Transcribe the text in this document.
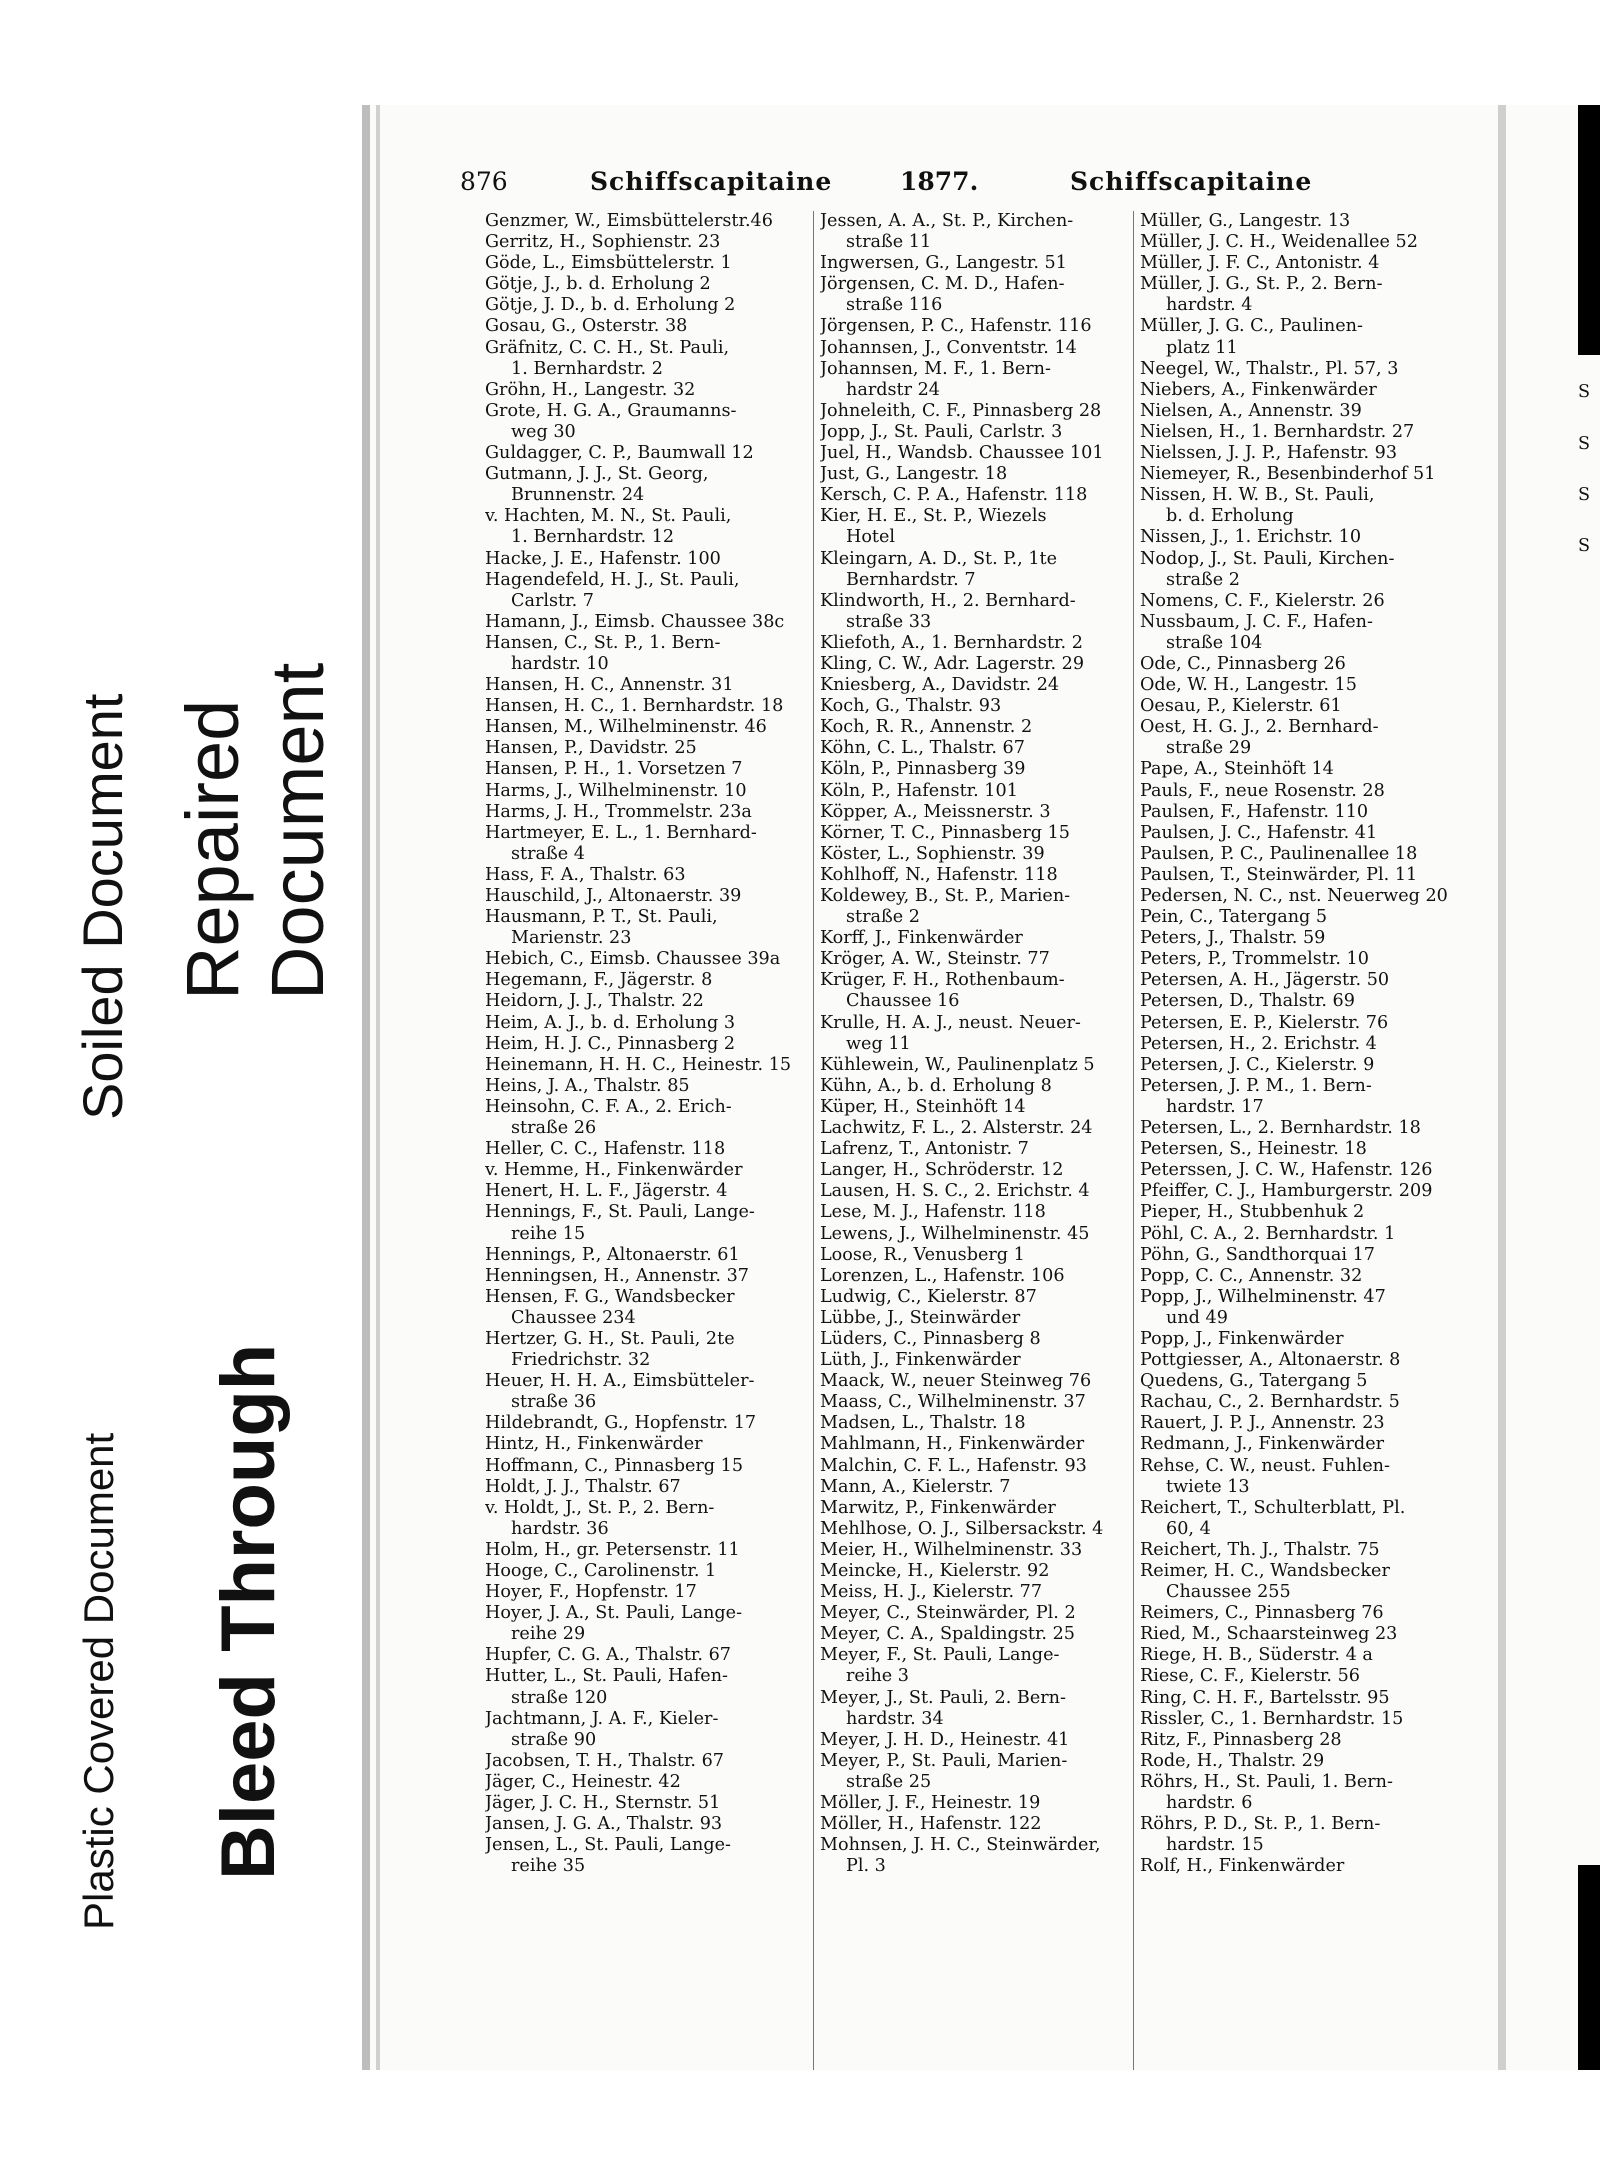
Soiled Document Repaired Document
Plastic Covered Document Bleed Through
876	Schiffscapitaine	1877.	Schiffscapitaine
Genzmer, W., Eimsbüttelerstr.46
Gerritz, H., Sophienstr. 23
Göde, L., Eimsbüttelerstr. 1
Götje, J., b. d. Erholung 2
Götje, J. D., b. d. Erholung 2
Gosau, G., Osterstr. 38
Gräfnitz, C. C. H., St. Pauli,
1. Bernhardstr. 2
Gröhn, H., Langestr. 32
Grote, H. G. A., Graumanns-
weg 30
Guldagger, C. P., Baumwall 12
Gutmann, J. J., St. Georg,
Brunnenstr. 24
v. Hachten, M. N., St. Pauli,
1. Bernhardstr. 12
Hacke, J. E., Hafenstr. 100
Hagendefeld, H. J., St. Pauli,
Carlstr. 7
Hamann, J., Eimsb. Chaussee 38c
Hansen, C., St. P., 1. Bern-
hardstr. 10
Hansen, H. C., Annenstr. 31
Hansen, H. C., 1. Bernhardstr. 18
Hansen, M., Wilhelminenstr. 46
Hansen, P., Davidstr. 25
Hansen, P. H., 1. Vorsetzen 7
Harms, J., Wilhelminenstr. 10
Harms, J. H., Trommelstr. 23a
Hartmeyer, E. L., 1. Bernhard-
straße 4
Hass, F. A., Thalstr. 63
Hauschild, J., Altonaerstr. 39
Hausmann, P. T., St. Pauli,
Marienstr. 23
Hebich, C., Eimsb. Chaussee 39a
Hegemann, F., Jägerstr. 8
Heidorn, J. J., Thalstr. 22
Heim, A. J., b. d. Erholung 3
Heim, H. J. C., Pinnasberg 2
Heinemann, H. H. C., Heinestr. 15
Heins, J. A., Thalstr. 85
Heinsohn, C. F. A., 2. Erich-
straße 26
Heller, C. C., Hafenstr. 118
v. Hemme, H., Finkenwärder
Henert, H. L. F., Jägerstr. 4
Hennings, F., St. Pauli, Lange-
reihe 15
Hennings, P., Altonaerstr. 61
Henningsen, H., Annenstr. 37
Hensen, F. G., Wandsbecker
Chaussee 234
Hertzer, G. H., St. Pauli, 2te
Friedrichstr. 32
Heuer, H. H. A., Eimsbütteler-
straße 36
Hildebrandt, G., Hopfenstr. 17
Hintz, H., Finkenwärder
Hoffmann, C., Pinnasberg 15
Holdt, J. J., Thalstr. 67
v. Holdt, J., St. P., 2. Bern-
hardstr. 36
Holm, H., gr. Petersenstr. 11
Hooge, C., Carolinenstr. 1
Hoyer, F., Hopfenstr. 17
Hoyer, J. A., St. Pauli, Lange-
reihe 29
Hupfer, C. G. A., Thalstr. 67
Hutter, L., St. Pauli, Hafen-
straße 120
Jachtmann, J. A. F., Kieler-
straße 90
Jacobsen, T. H., Thalstr. 67
Jäger, C., Heinestr. 42
Jäger, J. C. H., Sternstr. 51
Jansen, J. G. A., Thalstr. 93
Jensen, L., St. Pauli, Lange-
reihe 35
Jessen, A. A., St. P., Kirchen-
straße 11
Ingwersen, G., Langestr. 51
Jörgensen, C. M. D., Hafen-
straße 116
Jörgensen, P. C., Hafenstr. 116
Johannsen, J., Conventstr. 14
Johannsen, M. F., 1. Bern-
hardstr 24
Johneleith, C. F., Pinnasberg 28
Jopp, J., St. Pauli, Carlstr. 3
Juel, H., Wandsb. Chaussee 101
Just, G., Langestr. 18
Kersch, C. P. A., Hafenstr. 118
Kier, H. E., St. P., Wiezels
Hotel
Kleingarn, A. D., St. P., 1te
Bernhardstr. 7
Klindworth, H., 2. Bernhard-
straße 33
Kliefoth, A., 1. Bernhardstr. 2
Kling, C. W., Adr. Lagerstr. 29
Kniesberg, A., Davidstr. 24
Koch, G., Thalstr. 93
Koch, R. R., Annenstr. 2
Köhn, C. L., Thalstr. 67
Köln, P., Pinnasberg 39
Köln, P., Hafenstr. 101
Köpper, A., Meissnerstr. 3
Körner, T. C., Pinnasberg 15
Köster, L., Sophienstr. 39
Kohlhoff, N., Hafenstr. 118
Koldewey, B., St. P., Marien-
straße 2
Korff, J., Finkenwärder
Kröger, A. W., Steinstr. 77
Krüger, F. H., Rothenbaum-
Chaussee 16
Krulle, H. A. J., neust. Neuer-
weg 11
Kühlewein, W., Paulinenplatz 5
Kühn, A., b. d. Erholung 8
Küper, H., Steinhöft 14
Lachwitz, F. L., 2. Alsterstr. 24
Lafrenz, T., Antonistr. 7
Langer, H., Schröderstr. 12
Lausen, H. S. C., 2. Erichstr. 4
Lese, M. J., Hafenstr. 118
Lewens, J., Wilhelminenstr. 45
Loose, R., Venusberg 1
Lorenzen, L., Hafenstr. 106
Ludwig, C., Kielerstr. 87
Lübbe, J., Steinwärder
Lüders, C., Pinnasberg 8
Lüth, J., Finkenwärder
Maack, W., neuer Steinweg 76
Maass, C., Wilhelminenstr. 37
Madsen, L., Thalstr. 18
Mahlmann, H., Finkenwärder
Malchin, C. F. L., Hafenstr. 93
Mann, A., Kielerstr. 7
Marwitz, P., Finkenwärder
Mehlhose, O. J., Silbersackstr. 4
Meier, H., Wilhelminenstr. 33
Meincke, H., Kielerstr. 92
Meiss, H. J., Kielerstr. 77
Meyer, C., Steinwärder, Pl. 2
Meyer, C. A., Spaldingstr. 25
Meyer, F., St. Pauli, Lange-
reihe 3
Meyer, J., St. Pauli, 2. Bern-
hardstr. 34
Meyer, J. H. D., Heinestr. 41
Meyer, P., St. Pauli, Marien-
straße 25
Möller, J. F., Heinestr. 19
Möller, H., Hafenstr. 122
Mohnsen, J. H. C., Steinwärder,
Pl. 3
Müller, G., Langestr. 13
Müller, J. C. H., Weidenallee 52
Müller, J. F. C., Antonistr. 4
Müller, J. G., St. P., 2. Bern-
hardstr. 4
Müller, J. G. C., Paulinen-
platz 11
Neegel, W., Thalstr., Pl. 57, 3
Niebers, A., Finkenwärder
Nielsen, A., Annenstr. 39
Nielsen, H., 1. Bernhardstr. 27
Nielssen, J. J. P., Hafenstr. 93
Niemeyer, R., Besenbinderhof 51
Nissen, H. W. B., St. Pauli,
b. d. Erholung
Nissen, J., 1. Erichstr. 10
Nodop, J., St. Pauli, Kirchen-
straße 2
Nomens, C. F., Kielerstr. 26
Nussbaum, J. C. F., Hafen-
straße 104
Ode, C., Pinnasberg 26
Ode, W. H., Langestr. 15
Oesau, P., Kielerstr. 61
Oest, H. G. J., 2. Bernhard-
straße 29
Pape, A., Steinhöft 14
Pauls, F., neue Rosenstr. 28
Paulsen, F., Hafenstr. 110
Paulsen, J. C., Hafenstr. 41
Paulsen, P. C., Paulinenallee 18
Paulsen, T., Steinwärder, Pl. 11
Pedersen, N. C., nst. Neuerweg 20
Pein, C., Tatergang 5
Peters, J., Thalstr. 59
Peters, P., Trommelstr. 10
Petersen, A. H., Jägerstr. 50
Petersen, D., Thalstr. 69
Petersen, E. P., Kielerstr. 76
Petersen, H., 2. Erichstr. 4
Petersen, J. C., Kielerstr. 9
Petersen, J. P. M., 1. Bern-
hardstr. 17
Petersen, L., 2. Bernhardstr. 18
Petersen, S., Heinestr. 18
Peterssen, J. C. W., Hafenstr. 126
Pfeiffer, C. J., Hamburgerstr. 209
Pieper, H., Stubbenhuk 2
Pöhl, C. A., 2. Bernhardstr. 1
Pöhn, G., Sandthorquai 17
Popp, C. C., Annenstr. 32
Popp, J., Wilhelminenstr. 47
und 49
Popp, J., Finkenwärder
Pottgiesser, A., Altonaerstr. 8
Quedens, G., Tatergang 5
Rachau, C., 2. Bernhardstr. 5
Rauert, J. P. J., Annenstr. 23
Redmann, J., Finkenwärder
Rehse, C. W., neust. Fuhlen-
twiete 13
Reichert, T., Schulterblatt, Pl.
60, 4
Reichert, Th. J., Thalstr. 75
Reimer, H. C., Wandsbecker
Chaussee 255
Reimers, C., Pinnasberg 76
Ried, M., Schaarsteinweg 23
Riege, H. B., Süderstr. 4 a
Riese, C. F., Kielerstr. 56
Ring, C. H. F., Bartelsstr. 95
Rissler, C., 1. Bernhardstr. 15
Ritz, F., Pinnasberg 28
Rode, H., Thalstr. 29
Röhrs, H., St. Pauli, 1. Bern-
hardstr. 6
Röhrs, P. D., St. P., 1. Bern-
hardstr. 15
Rolf, H., Finkenwärder
S
S
S
S
